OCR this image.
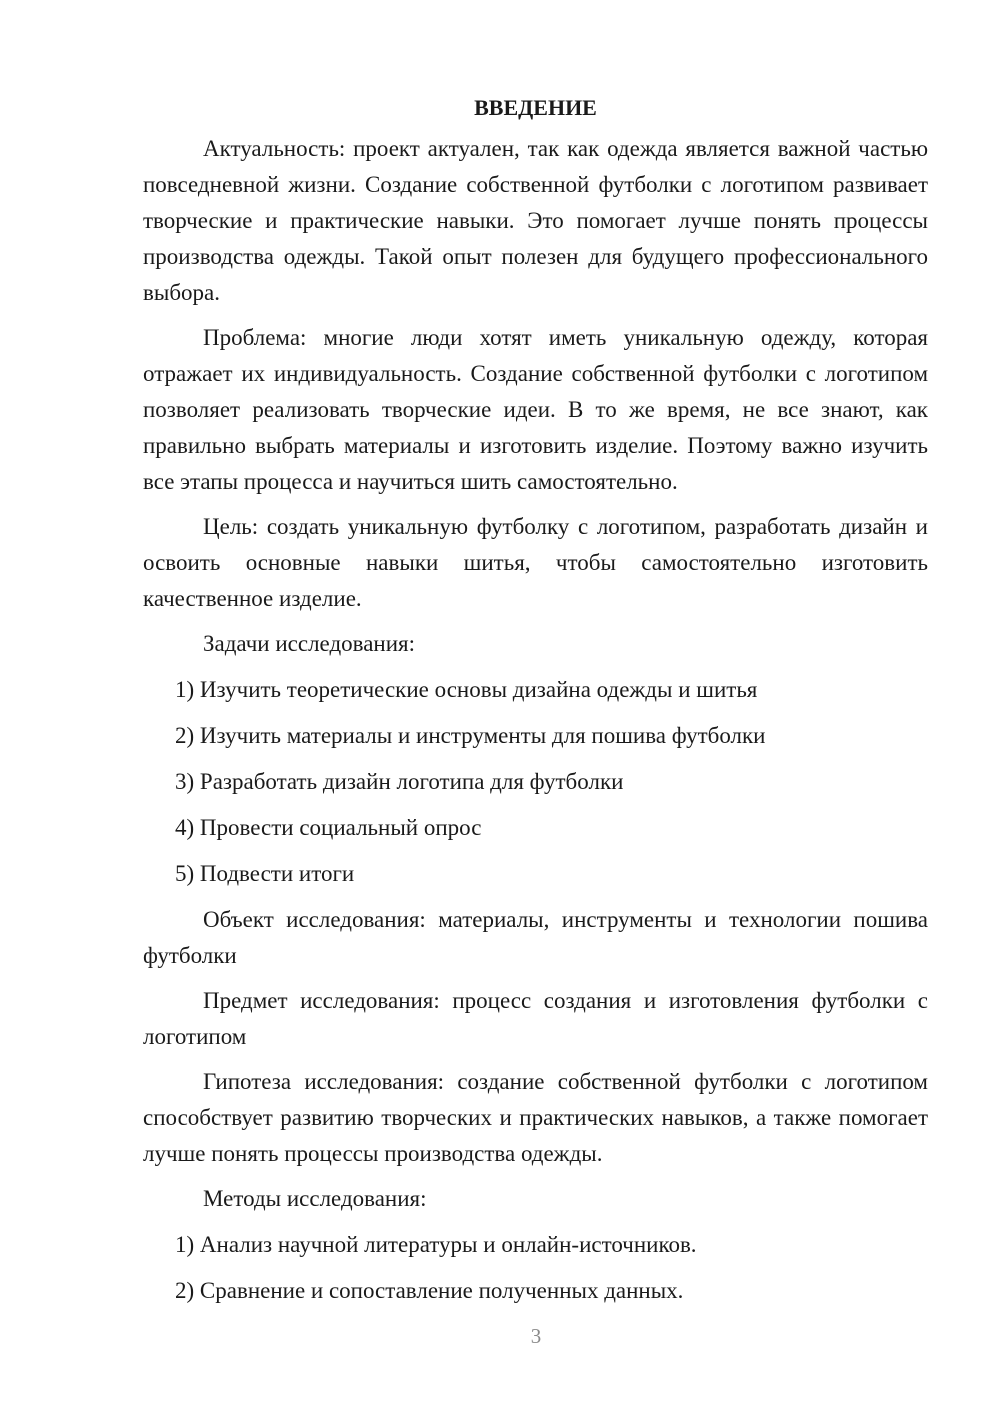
ВВЕДЕНИЕ

Актуальность: проект актуален, так как одежда является важной частью повседневной жизни. Создание собственной футболки с логотипом развивает творческие и практические навыки. Это помогает лучше понять процессы производства одежды. Такой опыт полезен для будущего профессионального выбора.

Проблема: многие люди хотят иметь уникальную одежду, которая отражает их индивидуальность. Создание собственной футболки с логотипом позволяет реализовать творческие идеи. В то же время, не все знают, как правильно выбрать материалы и изготовить изделие. Поэтому важно изучить все этапы процесса и научиться шить самостоятельно.

Цель: создать уникальную футболку с логотипом, разработать дизайн и освоить основные навыки шитья, чтобы самостоятельно изготовить качественное изделие.

Задачи исследования:

1) Изучить теоретические основы дизайна одежды и шитья

2) Изучить материалы и инструменты для пошива футболки

3) Разработать дизайн логотипа для футболки

4) Провести социальный опрос

5) Подвести итоги

Объект исследования: материалы, инструменты и технологии пошива футболки

Предмет исследования: процесс создания и изготовления футболки с логотипом

Гипотеза исследования: создание собственной футболки с логотипом способствует развитию творческих и практических навыков, а также помогает лучше понять процессы производства одежды.

Методы исследования:

1) Анализ научной литературы и онлайн-источников.

2) Сравнение и сопоставление полученных данных.

3
